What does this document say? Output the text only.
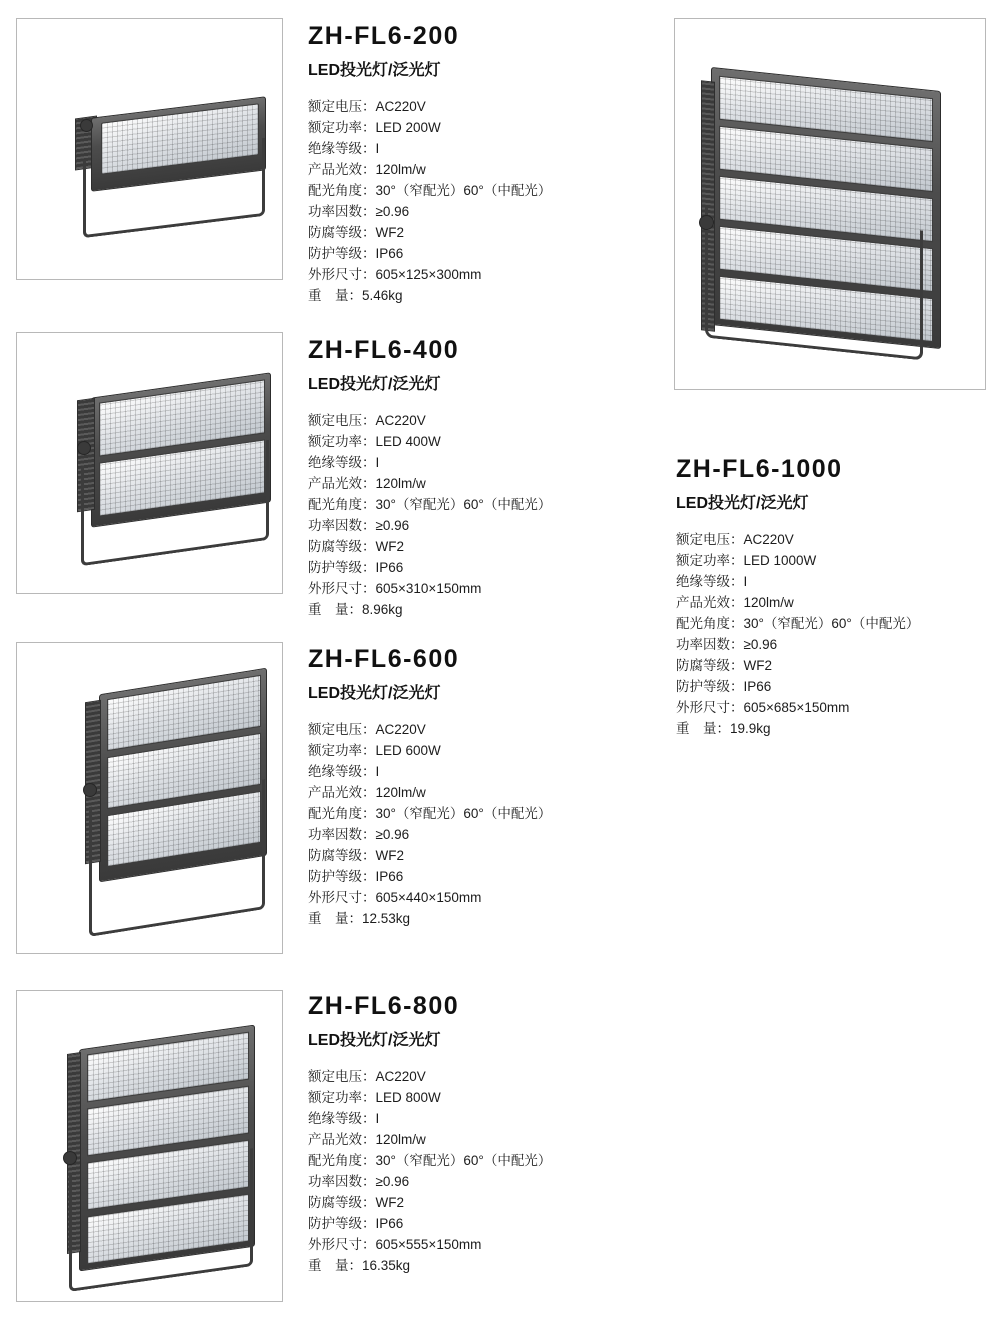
ZH-FL6-200
LED投光灯/泛光灯
额定电压：AC220V
额定功率：LED 200W
绝缘等级：I
产品光效：120lm/w
配光角度：30°（窄配光）60°（中配光）
功率因数：≥0.96
防腐等级：WF2
防护等级：IP66
外形尺寸：605×125×300mm
重　量：5.46kg
ZH-FL6-400
LED投光灯/泛光灯
额定电压：AC220V
额定功率：LED 400W
绝缘等级：I
产品光效：120lm/w
配光角度：30°（窄配光）60°（中配光）
功率因数：≥0.96
防腐等级：WF2
防护等级：IP66
外形尺寸：605×310×150mm
重　量：8.96kg
ZH-FL6-1000
LED投光灯/泛光灯
额定电压：AC220V
额定功率：LED 1000W
绝缘等级：I
产品光效：120lm/w
配光角度：30°（窄配光）60°（中配光）
功率因数：≥0.96
防腐等级：WF2
防护等级：IP66
外形尺寸：605×685×150mm
重　量：19.9kg
ZH-FL6-600
LED投光灯/泛光灯
额定电压：AC220V
额定功率：LED 600W
绝缘等级：I
产品光效：120lm/w
配光角度：30°（窄配光）60°（中配光）
功率因数：≥0.96
防腐等级：WF2
防护等级：IP66
外形尺寸：605×440×150mm
重　量：12.53kg
ZH-FL6-800
LED投光灯/泛光灯
额定电压：AC220V
额定功率：LED 800W
绝缘等级：I
产品光效：120lm/w
配光角度：30°（窄配光）60°（中配光）
功率因数：≥0.96
防腐等级：WF2
防护等级：IP66
外形尺寸：605×555×150mm
重　量：16.35kg
